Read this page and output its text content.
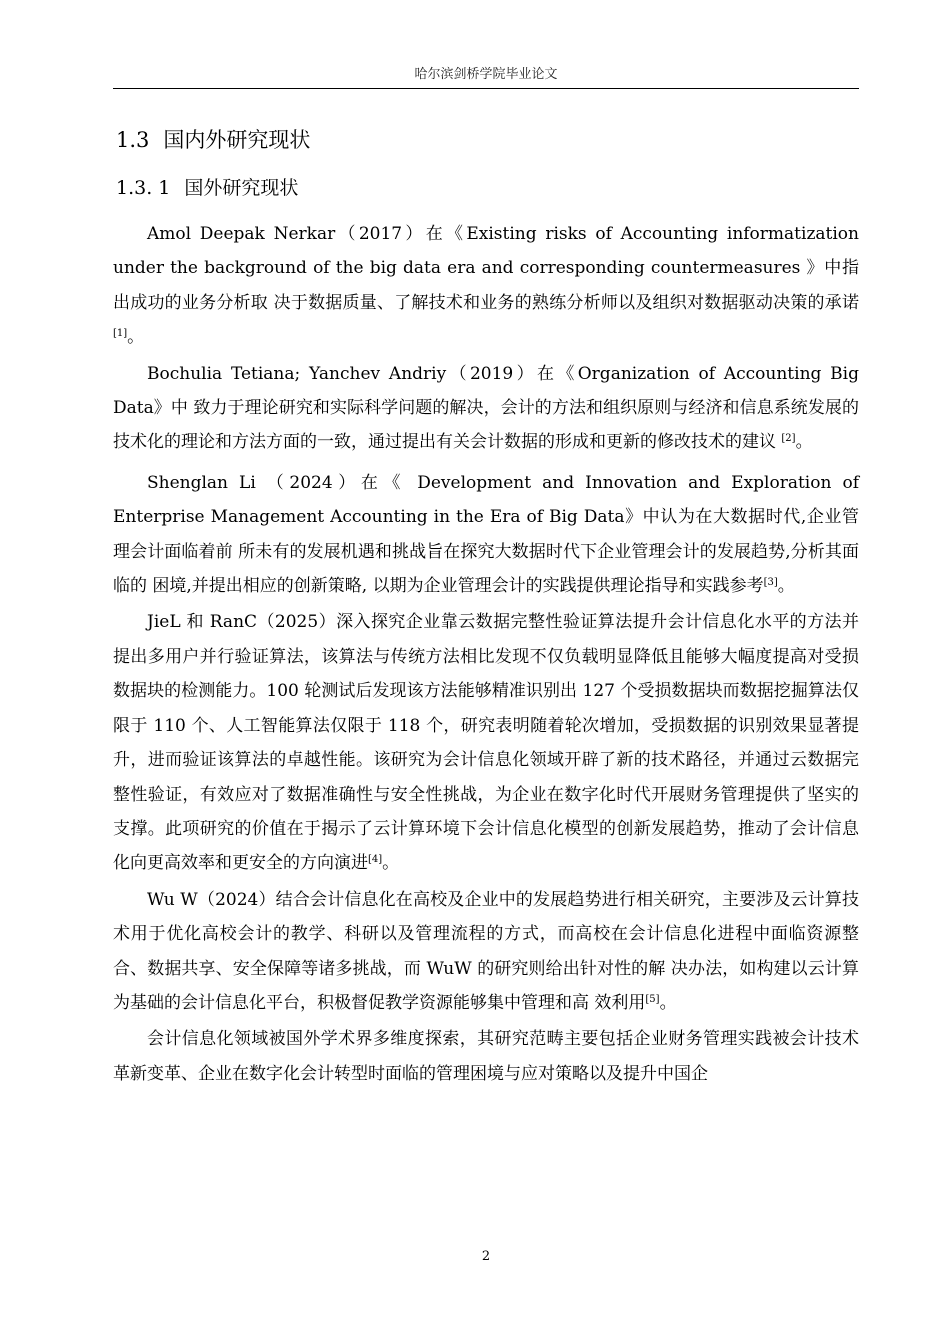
哈尔滨剑桥学院毕业论文
1.3 国内外研究现状
1.3. 1 国外研究现状

Amol Deepak Nerkar（2017）在《Existing risks of Accounting informatization under the background of the big data era and corresponding countermeasures 》中指出成功的业务分析取 决于数据质量、了解技术和业务的熟练分析师以及组织对数据驱动决策的承诺[1]。

Bochulia Tetiana; Yanchev Andriy（2019）在《Organization of Accounting Big Data》中 致力于理论研究和实际科学问题的解决，会计的方法和组织原则与经济和信息系统发展的 技术化的理论和方法方面的一致，通过提出有关会计数据的形成和更新的修改技术的建议 [2]。

Shenglan Li （2024）在《 Development and Innovation and Exploration of Enterprise Management Accounting in the Era of Big Data》中认为在大数据时代,企业管理会计面临着前 所未有的发展机遇和挑战旨在探究大数据时代下企业管理会计的发展趋势,分析其面临的 困境,并提出相应的创新策略, 以期为企业管理会计的实践提供理论指导和实践参考[3]。

JieL 和 RanC（2025）深入探究企业靠云数据完整性验证算法提升会计信息化水平的方法并提出多用户并行验证算法，该算法与传统方法相比发现不仅负载明显降低且能够大幅度提高对受损数据块的检测能力。100 轮测试后发现该方法能够精准识别出 127 个受损数据块而数据挖掘算法仅限于 110 个、人工智能算法仅限于 118 个，研究表明随着轮次增加，受损数据的识别效果显著提升，进而验证该算法的卓越性能。该研究为会计信息化领域开辟了新的技术路径，并通过云数据完整性验证，有效应对了数据准确性与安全性挑战，为企业在数字化时代开展财务管理提供了坚实的支撑。此项研究的价值在于揭示了云计算环境下会计信息化模型的创新发展趋势，推动了会计信息化向更高效率和更安全的方向演进[4]。

Wu W（2024）结合会计信息化在高校及企业中的发展趋势进行相关研究，主要涉及云计算技术用于优化高校会计的教学、科研以及管理流程的方式，而高校在会计信息化进程中面临资源整合、数据共享、安全保障等诸多挑战，而 WuW 的研究则给出针对性的解 决办法，如构建以云计算为基础的会计信息化平台，积极督促教学资源能够集中管理和高 效利用[5]。

会计信息化领域被国外学术界多维度探索，其研究范畴主要包括企业财务管理实践被会计技术革新变革、企业在数字化会计转型时面临的管理困境与应对策略以及提升中国企

2
